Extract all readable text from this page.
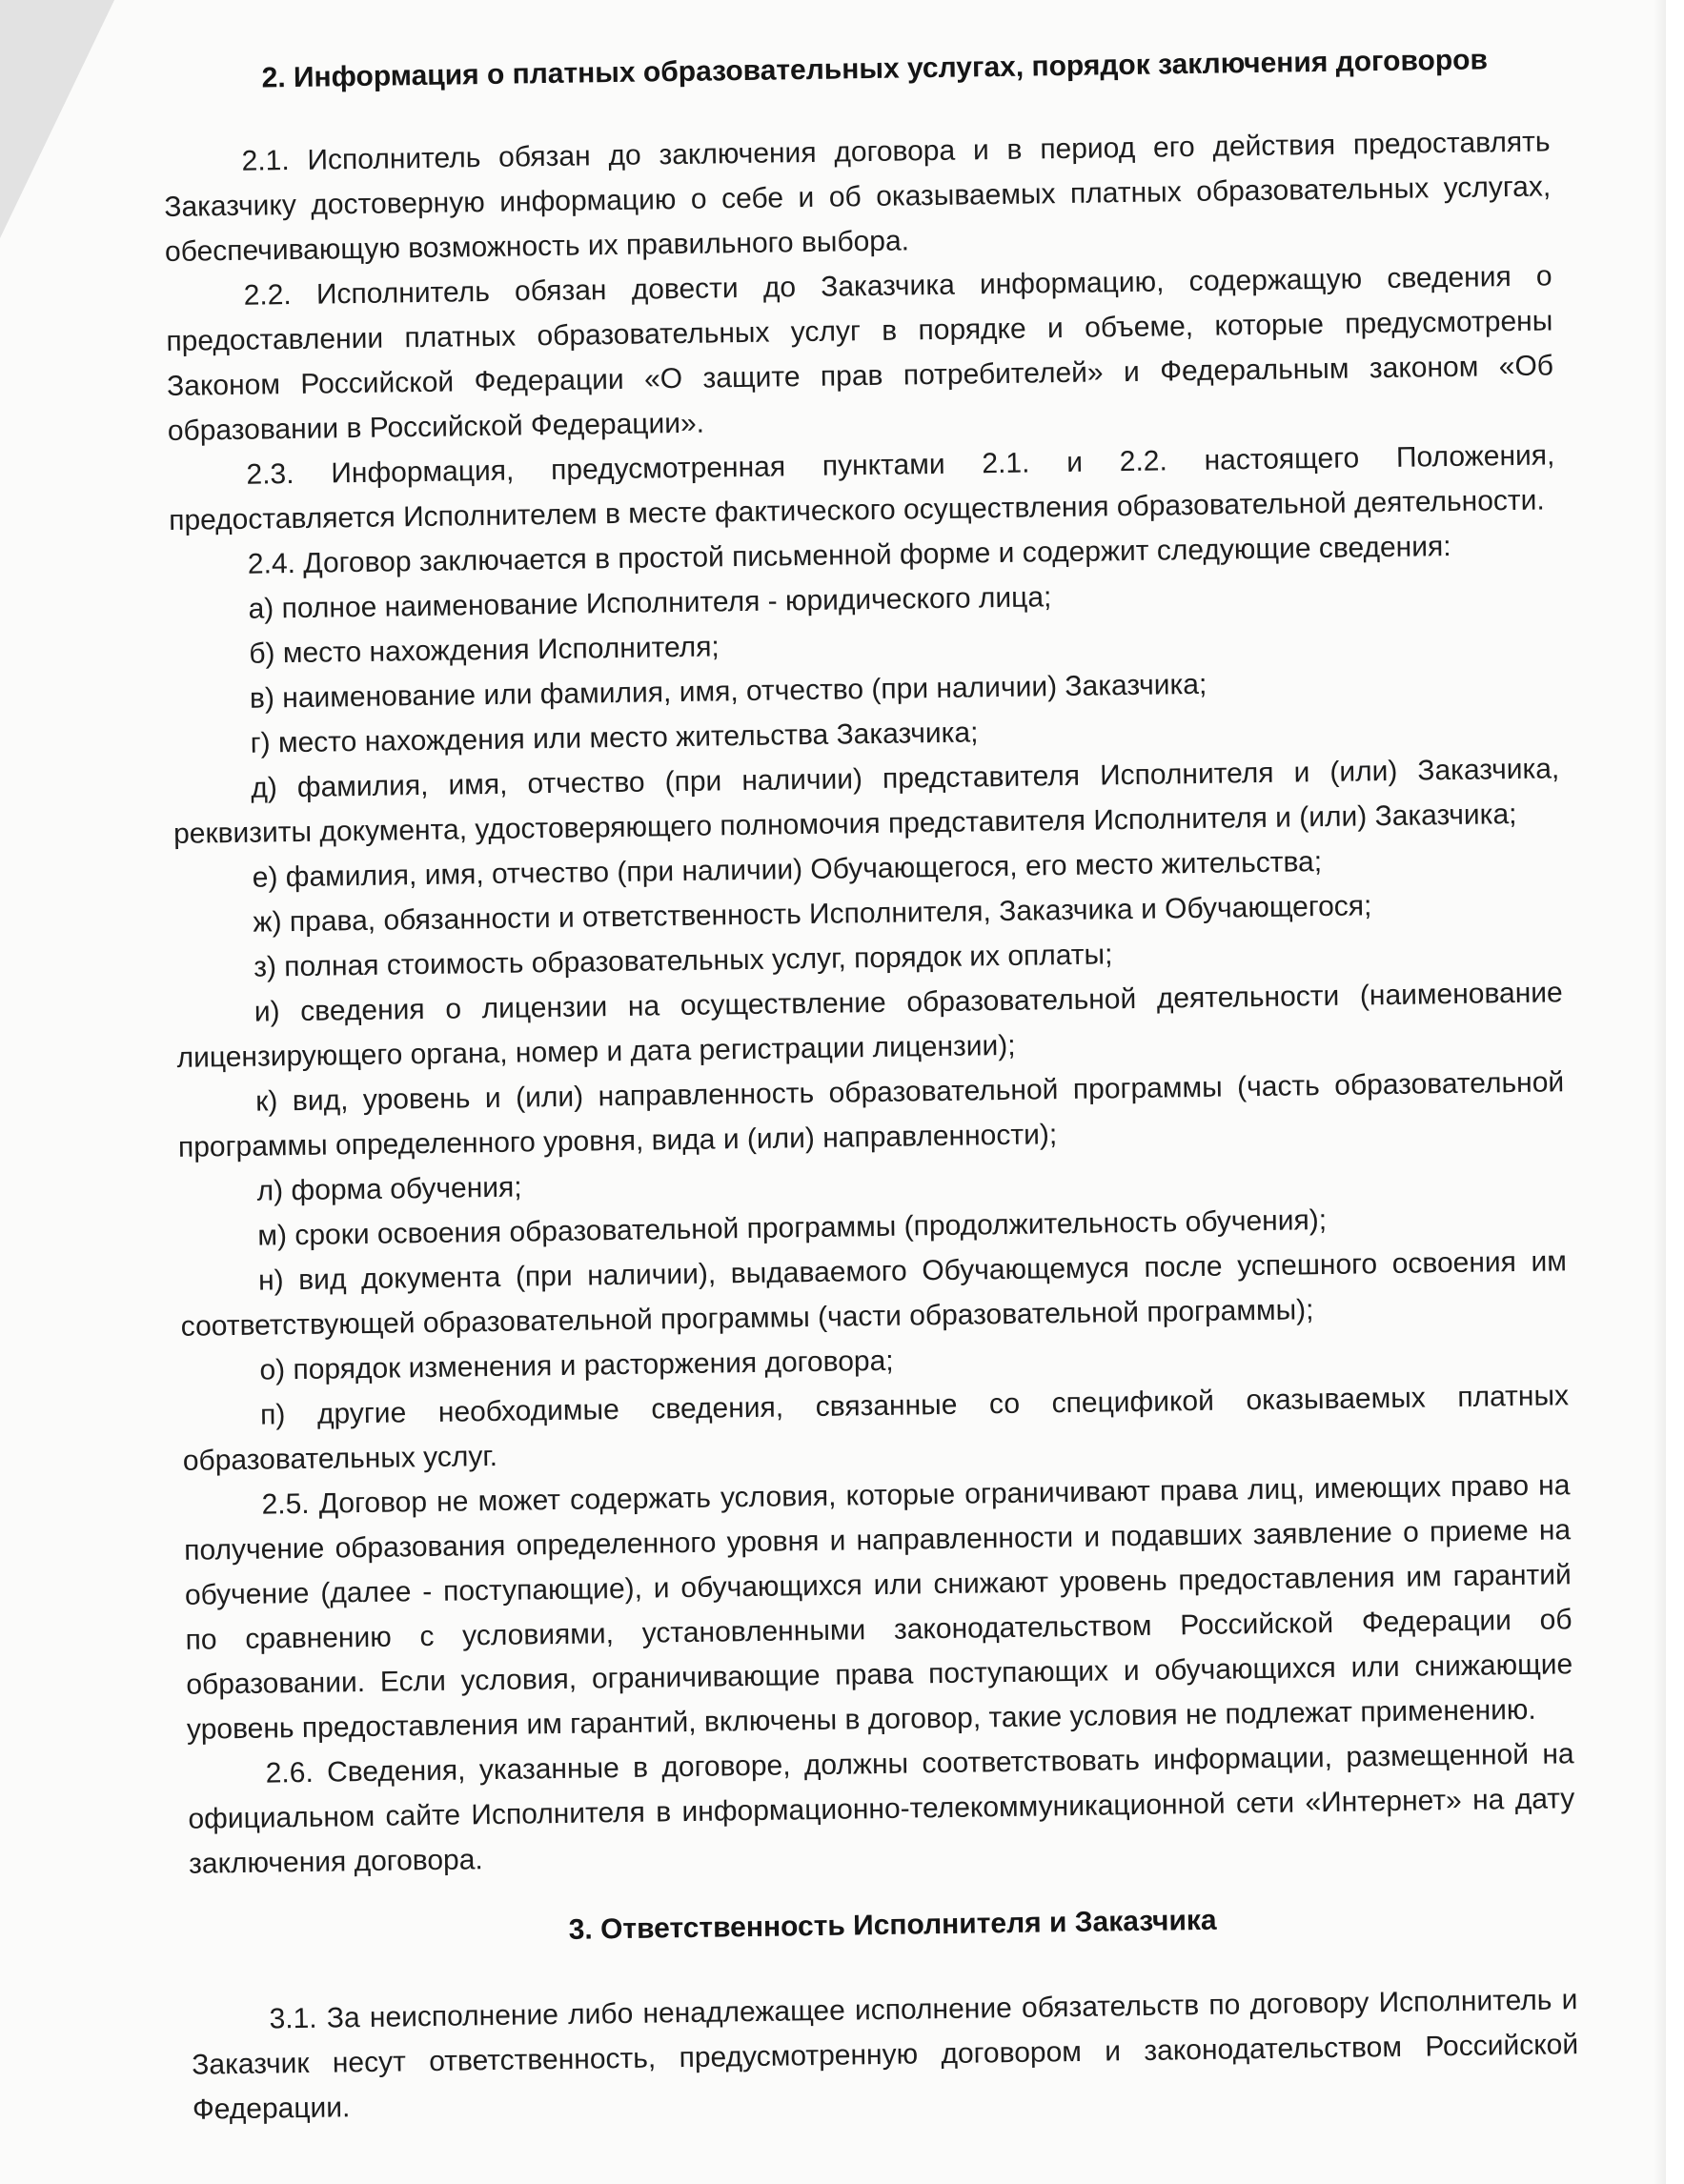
2. Информация о платных образовательных услугах, порядок заключения договоров

2.1. Исполнитель обязан до заключения договора и в период его действия предоставлять Заказчику достоверную информацию о себе и об оказываемых платных образовательных услугах, обеспечивающую возможность их правильного выбора.

2.2. Исполнитель обязан довести до Заказчика информацию, содержащую сведения о предоставлении платных образовательных услуг в порядке и объеме, которые предусмотрены Законом Российской Федерации «О защите прав потребителей» и Федеральным законом «Об образовании в Российской Федерации».

2.3. Информация, предусмотренная пунктами 2.1. и 2.2. настоящего Положения, предоставляется Исполнителем в месте фактического осуществления образовательной деятельности.

2.4. Договор заключается в простой письменной форме и содержит следующие сведения:

а) полное наименование Исполнителя - юридического лица;

б) место нахождения Исполнителя;

в) наименование или фамилия, имя, отчество (при наличии) Заказчика;

г) место нахождения или место жительства Заказчика;

д) фамилия, имя, отчество (при наличии) представителя Исполнителя и (или) Заказчика, реквизиты документа, удостоверяющего полномочия представителя Исполнителя и (или) Заказчика;

е) фамилия, имя, отчество (при наличии) Обучающегося, его место жительства;

ж) права, обязанности и ответственность Исполнителя, Заказчика и Обучающегося;

з) полная стоимость образовательных услуг, порядок их оплаты;

и) сведения о лицензии на осуществление образовательной деятельности (наименование лицензирующего органа, номер и дата регистрации лицензии);

к) вид, уровень и (или) направленность образовательной программы (часть образовательной программы определенного уровня, вида и (или) направленности);

л) форма обучения;

м) сроки освоения образовательной программы (продолжительность обучения);

н) вид документа (при наличии), выдаваемого Обучающемуся после успешного освоения им соответствующей образовательной программы (части образовательной программы);

о) порядок изменения и расторжения договора;

п) другие необходимые сведения, связанные со спецификой оказываемых платных образовательных услуг.

2.5. Договор не может содержать условия, которые ограничивают права лиц, имеющих право на получение образования определенного уровня и направленности и подавших заявление о приеме на обучение (далее - поступающие), и обучающихся или снижают уровень предоставления им гарантий по сравнению с условиями, установленными законодательством Российской Федерации об образовании. Если условия, ограничивающие права поступающих и обучающихся или снижающие уровень предоставления им гарантий, включены в договор, такие условия не подлежат применению.

2.6. Сведения, указанные в договоре, должны соответствовать информации, размещенной на официальном сайте Исполнителя в информационно-телекоммуникационной сети «Интернет» на дату заключения договора.

3. Ответственность Исполнителя и Заказчика

3.1. За неисполнение либо ненадлежащее исполнение обязательств по договору Исполнитель и Заказчик несут ответственность, предусмотренную договором и законодательством Российской Федерации.
